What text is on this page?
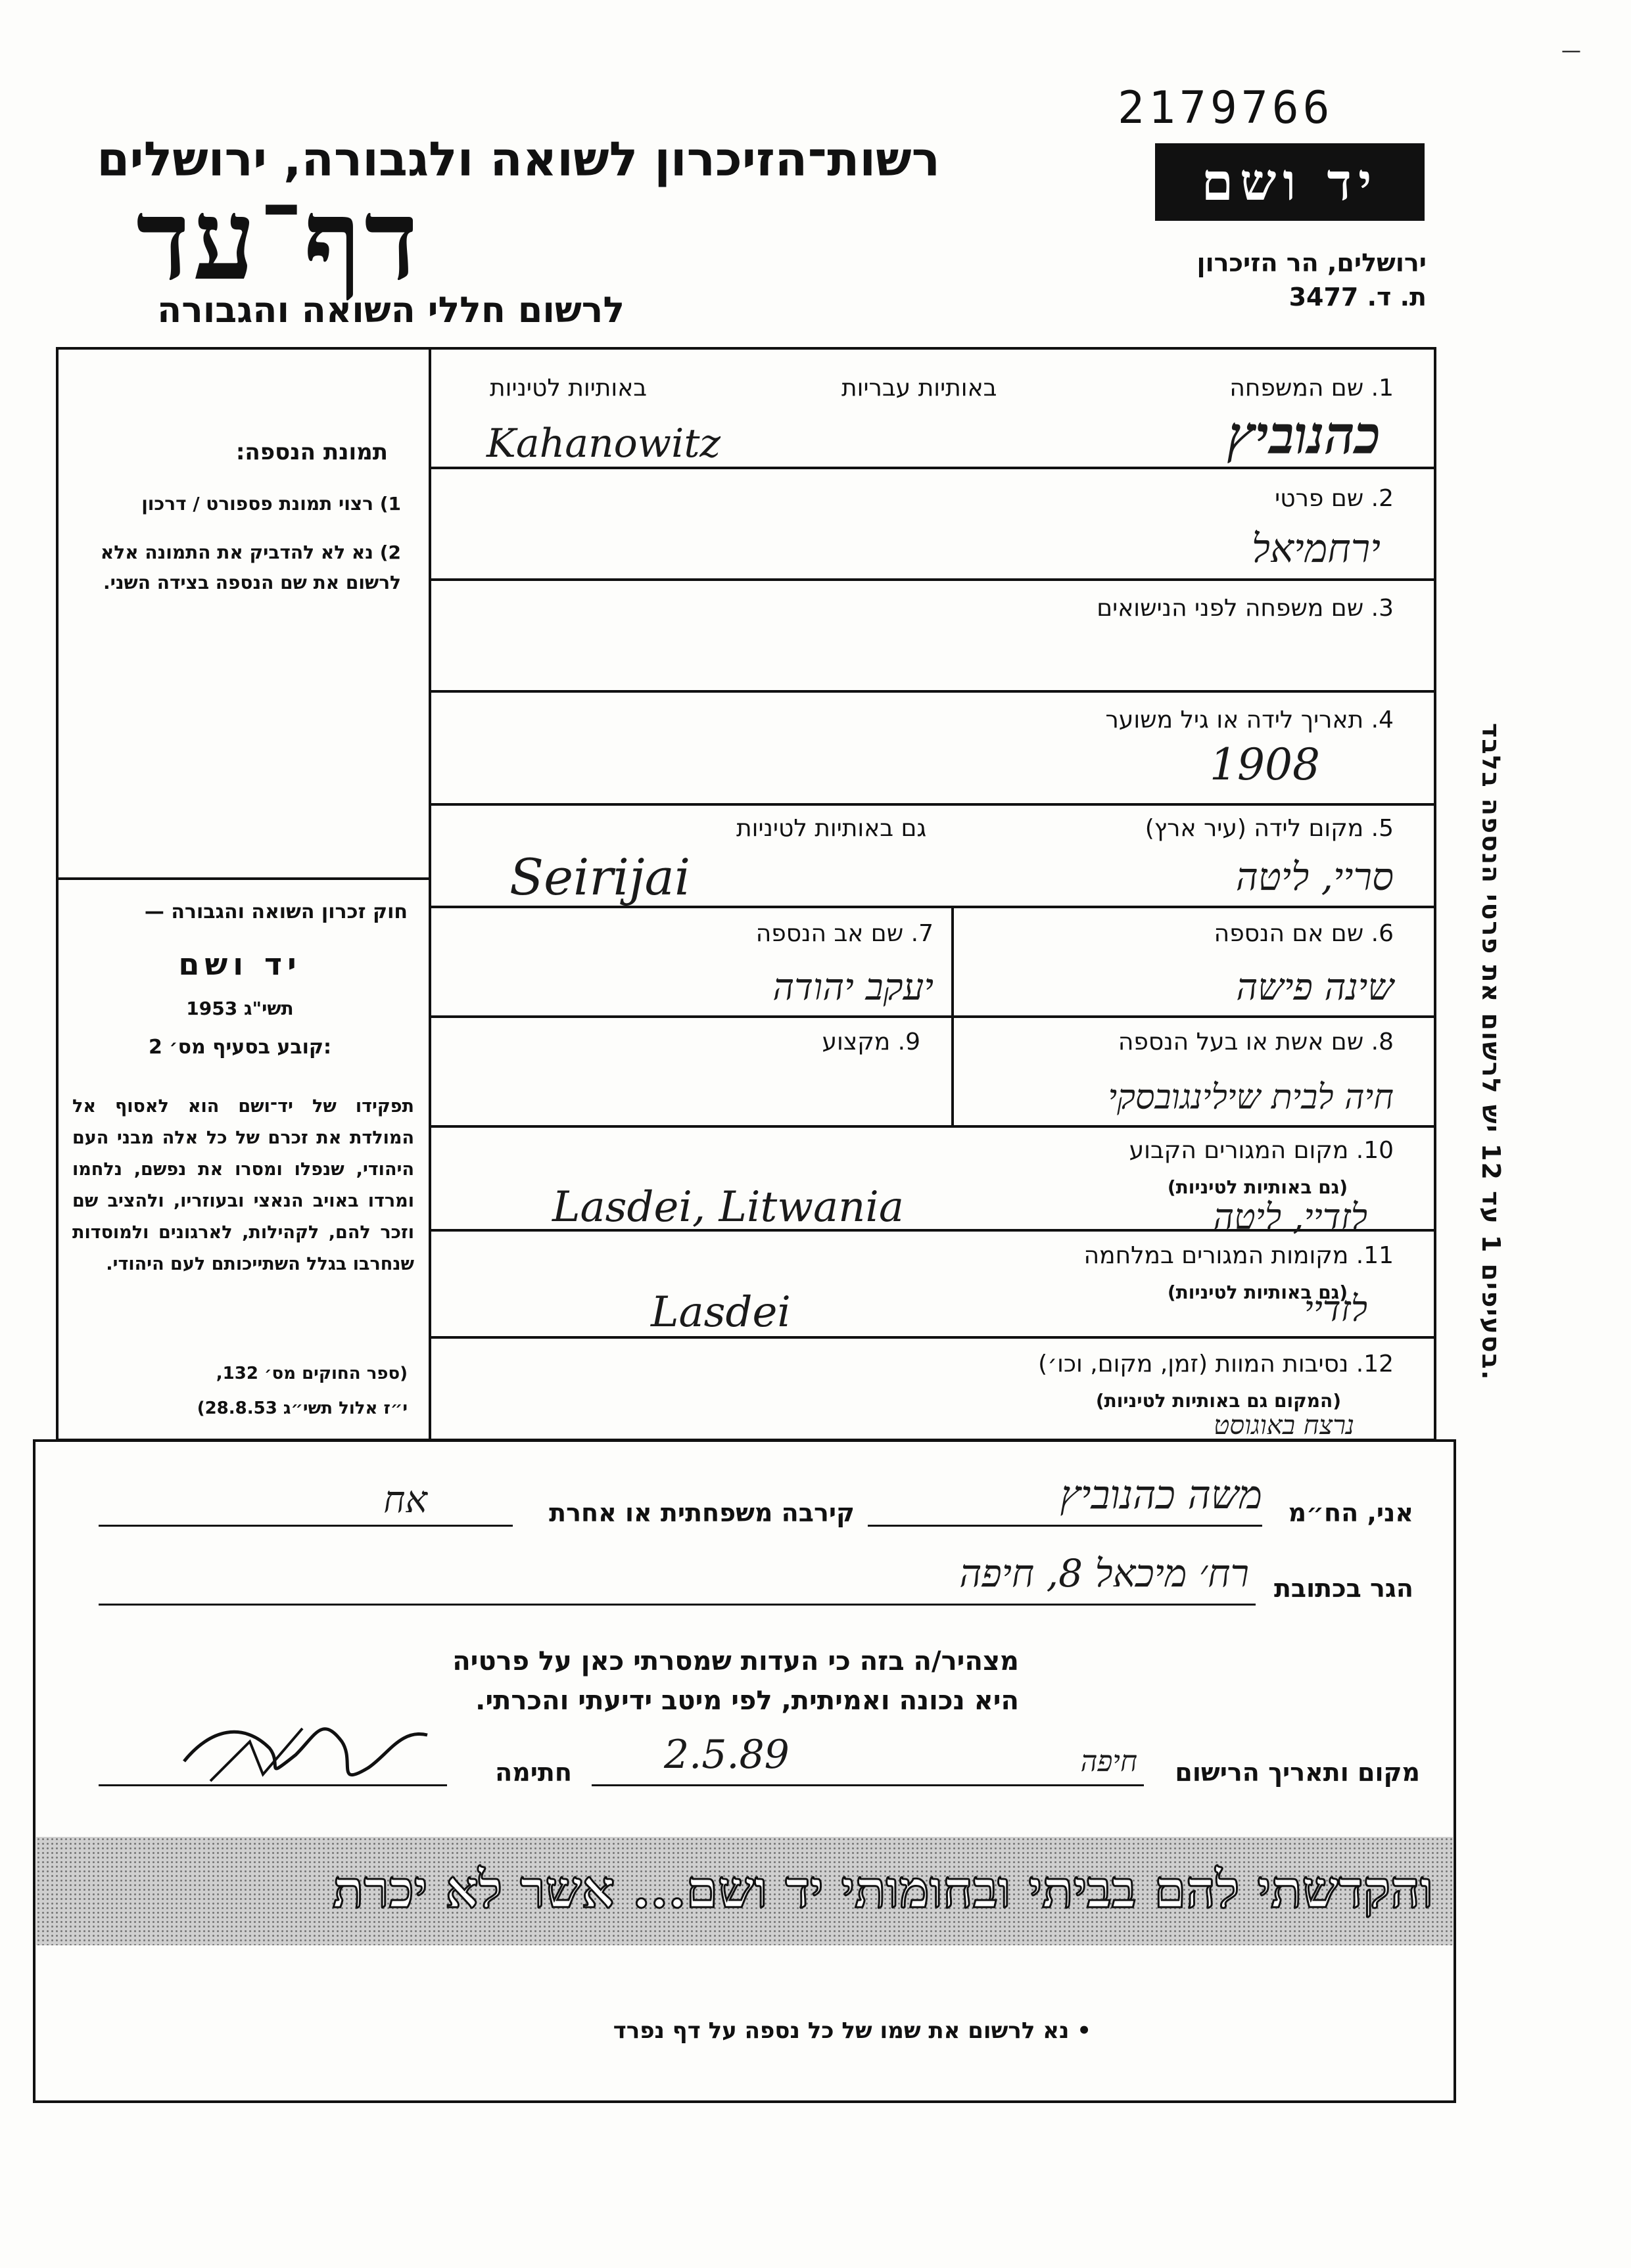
2179766
—
יד ושם
ירושלים, הר הזיכרון
ת. ד. 3477
רשות־הזיכרון לשואה ולגבורה, ירושלים
דף־עד
לרשום חללי השואה והגבורה
תמונת הנספה:
1) רצוי תמונת פספורט / דרכון
2) נא לא להדביק את התמונה אלא לרשום את שם הנספה בצידה השני.
חוק זכרון השואה והגבורה —
יד ושם
תשי"ג 1953
קובע בסעיף מס׳ 2:
תפקידו של יד־ושם הוא לאסוף אל המולדת את זכרם של כל אלה מבני העם היהודי, שנפלו ומסרו את נפשם, נלחמו ומרדו באויב הנאצי ובעוזריו, ולהציב שם וזכר להם, לקהילות, לארגונים ולמוסדות שנחרבו בגלל השתייכותם לעם היהודי.
(ספר החוקים מס׳ 132,
י״ז אלול תשי״ג 28.8.53)
1. שם המשפחה
באותיות עבריות
באותיות לטיניות
Kahanowitz	כהנוביץ
2. שם פרטי
ירחמיאל
3. שם משפחה לפני הנישואים
4. תאריך לידה או גיל משוער
1908
5. מקום לידה (עיר ארץ)
גם באותיות לטיניות
Seirijai	סריי, ליטה
6. שם אם הנספה
שינה פישה
7. שם אב הנספה
יעקב יהודה
8. שם אשת או בעל הנספה
חיה לבית שילינגובסקי
9. מקצוע
10. מקום המגורים הקבוע
(גם באותיות לטיניות)
Lasdei, Litwania	לזדיי, ליטה
11. מקומות המגורים במלחמה
(גם באותיות לטיניות)
Lasdei	לזדיי
12. נסיבות המוות (זמן, מקום, וכו׳)
(המקום גם באותיות לטיניות)
נרצח באוגוסט
בסעיפים 1 עד 12 יש לרשום את פרטי הנספה בלבד.
אני, הח״מ
משה כהנוביץ
קירבה משפחתית או אחרת
אח
הגר בכתובת
רח׳ מיכאל 8, חיפה
מצהיר/ה בזה כי העדות שמסרתי כאן על פרטיה
היא נכונה ואמיתית, לפי מיטב ידיעתי והכרתי.
מקום ותאריך הרישום
2.5.89	חיפה
חתימה
והקדשתי להם בביתי ובחומותי יד ושם... אשר לא יכרת
• נא לרשום את שמו של כל נספה על דף נפרד
